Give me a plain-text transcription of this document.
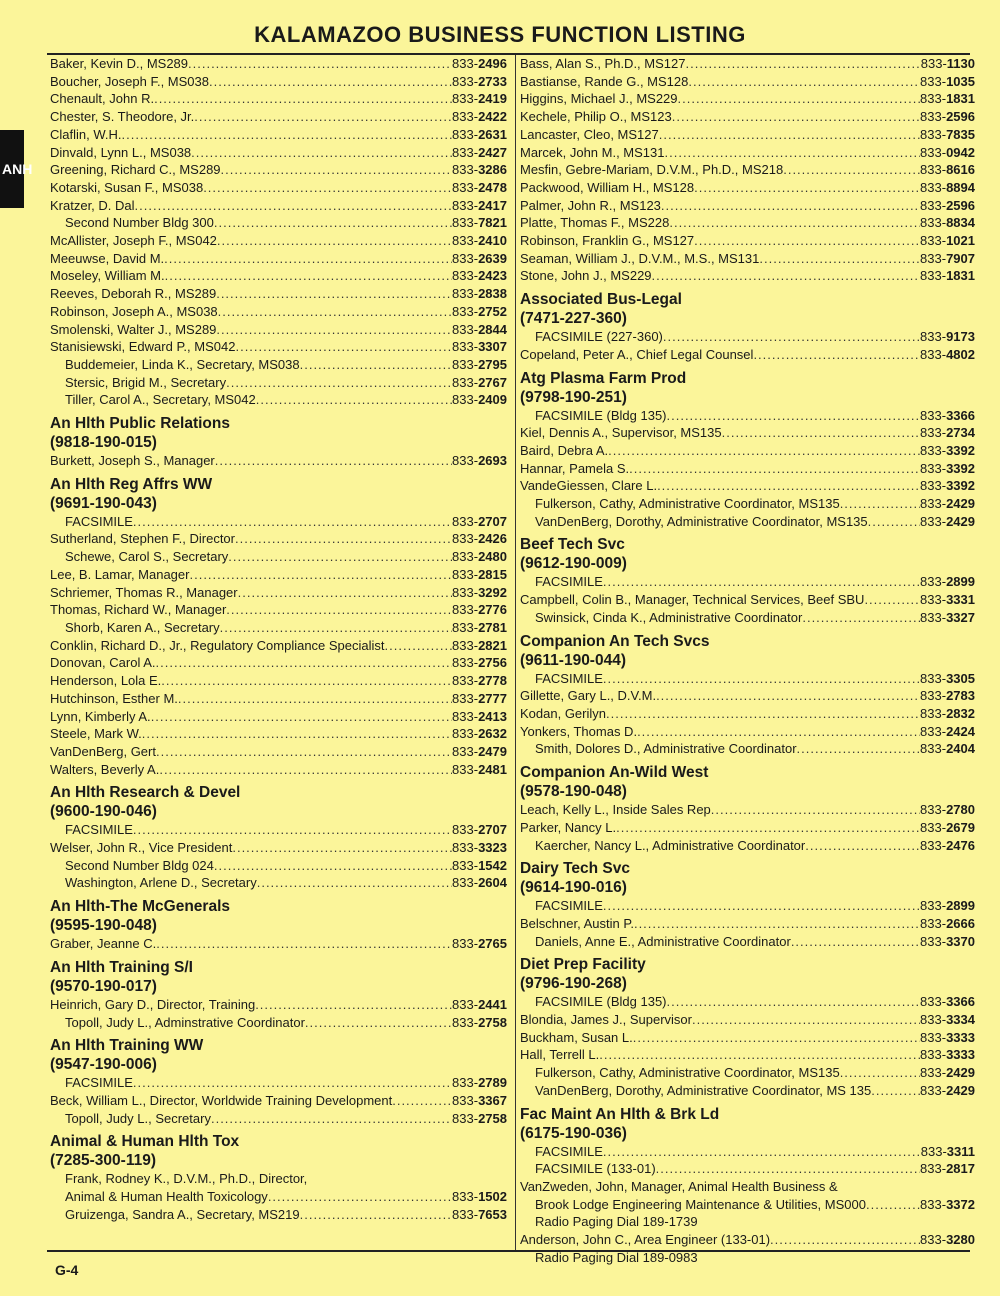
KALAMAZOO BUSINESS FUNCTION LISTING
ANH
Baker, Kevin D., MS289 .....	833-2496
Boucher, Joseph F., MS038 .....	833-2733
Chenault, John R. .....	833-2419
Chester, S. Theodore, Jr. .....	833-2422
Claflin, W.H. .....	833-2631
Dinvald, Lynn L., MS038 .....	833-2427
Greening, Richard C., MS289 .....	833-3286
Kotarski, Susan F., MS038 .....	833-2478
Kratzer, D. Dal .....	833-2417
Second Number Bldg 300 .....	833-7821
McAllister, Joseph F., MS042 .....	833-2410
Meeuwse, David M. .....	833-2639
Moseley, William M. .....	833-2423
Reeves, Deborah R., MS289 .....	833-2838
Robinson, Joseph A., MS038 .....	833-2752
Smolenski, Walter J., MS289 .....	833-2844
Stanisiewski, Edward P., MS042 .....	833-3307
Buddemeier, Linda K., Secretary, MS038 .....	833-2795
Stersic, Brigid M., Secretary .....	833-2767
Tiller, Carol A., Secretary, MS042 .....	833-2409
An Hlth Public Relations
(9818-190-015)
Burkett, Joseph S., Manager .....	833-2693
An Hlth Reg Affrs WW
(9691-190-043)
FACSIMILE .....	833-2707
Sutherland, Stephen F., Director .....	833-2426
Schewe, Carol S., Secretary .....	833-2480
Lee, B. Lamar, Manager .....	833-2815
Schriemer, Thomas R., Manager .....	833-3292
Thomas, Richard W., Manager .....	833-2776
Shorb, Karen A., Secretary .....	833-2781
Conklin, Richard D., Jr., Regulatory Compliance Specialist .....	833-2821
Donovan, Carol A. .....	833-2756
Henderson, Lola E. .....	833-2778
Hutchinson, Esther M. .....	833-2777
Lynn, Kimberly A. .....	833-2413
Steele, Mark W. .....	833-2632
VanDenBerg, Gert .....	833-2479
Walters, Beverly A. .....	833-2481
An Hlth Research & Devel
(9600-190-046)
FACSIMILE .....	833-2707
Welser, John R., Vice President .....	833-3323
Second Number Bldg 024 .....	833-1542
Washington, Arlene D., Secretary .....	833-2604
An Hlth-The McGenerals
(9595-190-048)
Graber, Jeanne C. .....	833-2765
An Hlth Training S/I
(9570-190-017)
Heinrich, Gary D., Director, Training .....	833-2441
Topoll, Judy L., Adminstrative Coordinator .....	833-2758
An Hlth Training WW
(9547-190-006)
FACSIMILE .....	833-2789
Beck, William L., Director, Worldwide Training Development .....	833-3367
Topoll, Judy L., Secretary .....	833-2758
Animal & Human Hlth Tox
(7285-300-119)
Frank, Rodney K., D.V.M., Ph.D., Director,
Animal & Human Health Toxicology .....	833-1502
Gruizenga, Sandra A., Secretary, MS219 .....	833-7653
Bass, Alan S., Ph.D., MS127 .....	833-1130
Bastianse, Rande G., MS128 .....	833-1035
Higgins, Michael J., MS229 .....	833-1831
Kechele, Philip O., MS123 .....	833-2596
Lancaster, Cleo, MS127 .....	833-7835
Marcek, John M., MS131 .....	833-0942
Mesfin, Gebre-Mariam, D.V.M., Ph.D., MS218 .....	833-8616
Packwood, William H., MS128 .....	833-8894
Palmer, John R., MS123 .....	833-2596
Platte, Thomas F., MS228 .....	833-8834
Robinson, Franklin G., MS127 .....	833-1021
Seaman, William J., D.V.M., M.S., MS131 .....	833-7907
Stone, John J., MS229 .....	833-1831
Associated Bus-Legal
(7471-227-360)
FACSIMILE (227-360) .....	833-9173
Copeland, Peter A., Chief Legal Counsel .....	833-4802
Atg Plasma Farm Prod
(9798-190-251)
FACSIMILE (Bldg 135) .....	833-3366
Kiel, Dennis A., Supervisor, MS135 .....	833-2734
Baird, Debra A. .....	833-3392
Hannar, Pamela S. .....	833-3392
VandeGiessen, Clare L. .....	833-3392
Fulkerson, Cathy, Administrative Coordinator, MS135 .....	833-2429
VanDenBerg, Dorothy, Administrative Coordinator, MS135 .....	833-2429
Beef Tech Svc
(9612-190-009)
FACSIMILE .....	833-2899
Campbell, Colin B., Manager, Technical Services, Beef SBU .....	833-3331
Swinsick, Cinda K., Administrative Coordinator .....	833-3327
Companion An Tech Svcs
(9611-190-044)
FACSIMILE .....	833-3305
Gillette, Gary L., D.V.M. .....	833-2783
Kodan, Gerilyn .....	833-2832
Yonkers, Thomas D. .....	833-2424
Smith, Dolores D., Administrative Coordinator .....	833-2404
Companion An-Wild West
(9578-190-048)
Leach, Kelly L., Inside Sales Rep .....	833-2780
Parker, Nancy L. .....	833-2679
Kaercher, Nancy L., Administrative Coordinator .....	833-2476
Dairy Tech Svc
(9614-190-016)
FACSIMILE .....	833-2899
Belschner, Austin P. .....	833-2666
Daniels, Anne E., Administrative Coordinator .....	833-3370
Diet Prep Facility
(9796-190-268)
FACSIMILE (Bldg 135) .....	833-3366
Blondia, James J., Supervisor .....	833-3334
Buckham, Susan L. .....	833-3333
Hall, Terrell L. .....	833-3333
Fulkerson, Cathy, Administrative Coordinator, MS135 .....	833-2429
VanDenBerg, Dorothy, Administrative Coordinator, MS 135 .....	833-2429
Fac Maint An Hlth & Brk Ld
(6175-190-036)
FACSIMILE .....	833-3311
FACSIMILE (133-01) .....	833-2817
VanZweden, John, Manager, Animal Health Business &
Brook Lodge Engineering Maintenance & Utilities, MS000 .....	833-3372
Radio Paging Dial 189-1739
Anderson, John C., Area Engineer (133-01) .....	833-3280
Radio Paging Dial 189-0983
G-4
